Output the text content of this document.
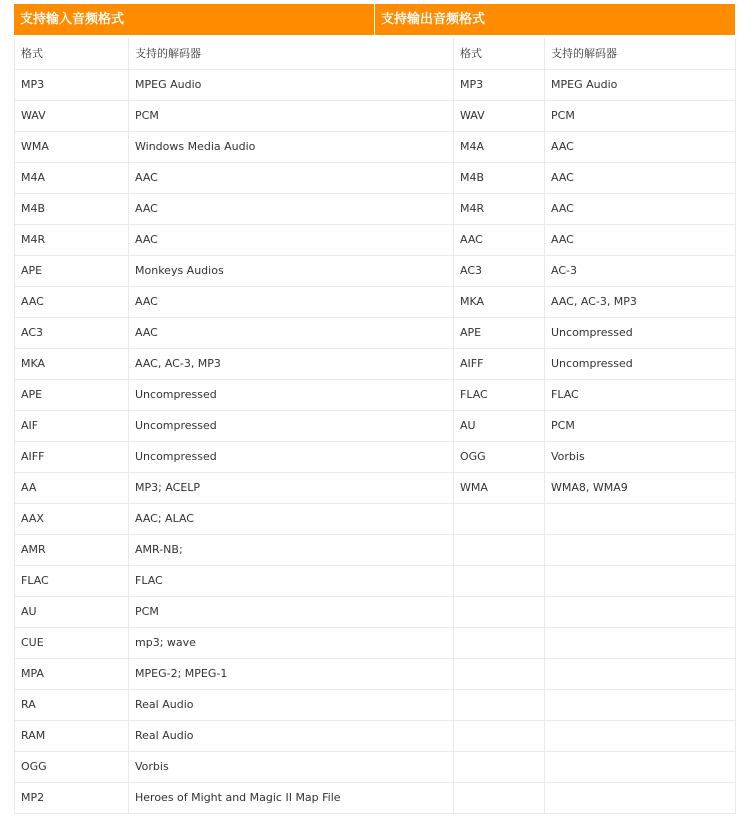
支持输入音频格式	支持输出音频格式
格式	支持的解码器	格式	支持的解码器
MP3	MPEG Audio	MP3	MPEG Audio
WAV	PCM	WAV	PCM
WMA	Windows Media Audio	M4A	AAC
M4A	AAC	M4B	AAC
M4B	AAC	M4R	AAC
M4R	AAC	AAC	AAC
APE	Monkeys Audios	AC3	AC-3
AAC	AAC	MKA	AAC, AC-3, MP3
AC3	AAC	APE	Uncompressed
MKA	AAC, AC-3, MP3	AIFF	Uncompressed
APE	Uncompressed	FLAC	FLAC
AIF	Uncompressed	AU	PCM
AIFF	Uncompressed	OGG	Vorbis
AA	MP3; ACELP	WMA	WMA8, WMA9
AAX	AAC; ALAC		
AMR	AMR-NB;		
FLAC	FLAC		
AU	PCM		
CUE	mp3; wave		
MPA	MPEG-2; MPEG-1		
RA	Real Audio		
RAM	Real Audio		
OGG	Vorbis		
MP2	Heroes of Might and Magic II Map File		
